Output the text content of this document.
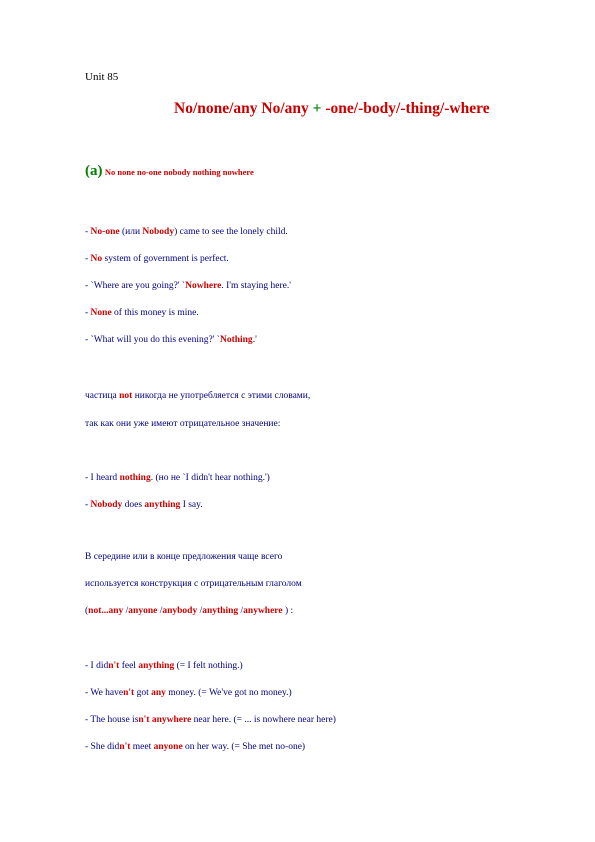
Unit 85
No/none/any No/any + -one/-body/-thing/-where
(a) No none no-one nobody nothing nowhere
- No-one (или Nobody) came to see the lonely child.
- No system of government is perfect.
- `Where are you going?' `Nowhere. I'm staying here.'
- None of this money is mine.
- `What will you do this evening?' `Nothing.'
частица not никогда не употребляется с этими словами,
так как они уже имеют отрицательное значение:
- I heard nothing. (но не `I didn't hear nothing.')
- Nobody does anything I say.
В середине или в конце предложения чаще всего
используется конструкция с отрицательным глаголом
(not...any /anyone /anybody /anything /anywhere ) :
- I didn't feel anything (= I felt nothing.)
- We haven't got any money. (= We've got no money.)
- The house isn't anywhere near here. (= ... is nowhere near here)
- She didn't meet anyone on her way. (= She met no-one)
